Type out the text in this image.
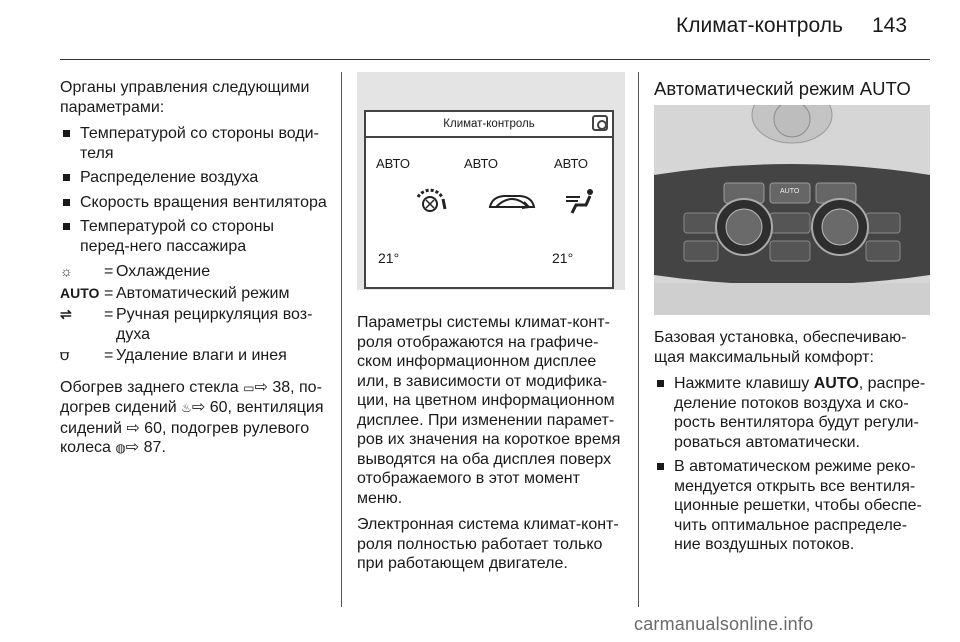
Климат-контроль 143

Органы управления следующими параметрами:

Температурой со стороны води-теля
Распределение воздуха
Скорость вращения вентилятора
Температурой со стороны перед-него пассажира
☼	= Охлаждение
AUTO = Автоматический режим
⇌	= Ручная рециркуляция воз-духа
⩌	= Удаление влаги и инея

Обогрев заднего стекла ▭⇨ 38, по-догрев сидений ♨⇨ 60, вентиляция сидений ⇨ 60, подогрев рулевого колеса ◍⇨ 87.

Климат-контроль
АВТО	АВТО	АВТО
21°	21°

Параметры системы климат-конт-роля отображаются на графиче-ском информационном дисплее или, в зависимости от модифика-ции, на цветном информационном дисплее. При изменении парамет-ров их значения на короткое время выводятся на оба дисплея поверх отображаемого в этот момент меню.

Электронная система климат-конт-роля полностью работает только при работающем двигателе.

Автоматический режим AUTO
AUTO

Базовая установка, обеспечиваю-щая максимальный комфорт:

Нажмите клавишу AUTO, распре-деление потоков воздуха и ско-рость вентилятора будут регули-роваться автоматически.
В автоматическом режиме реко-мендуется открыть все вентиля-ционные решетки, чтобы обеспе-чить оптимальное распределе-ние воздушных потоков.
carmanualsonline.info
